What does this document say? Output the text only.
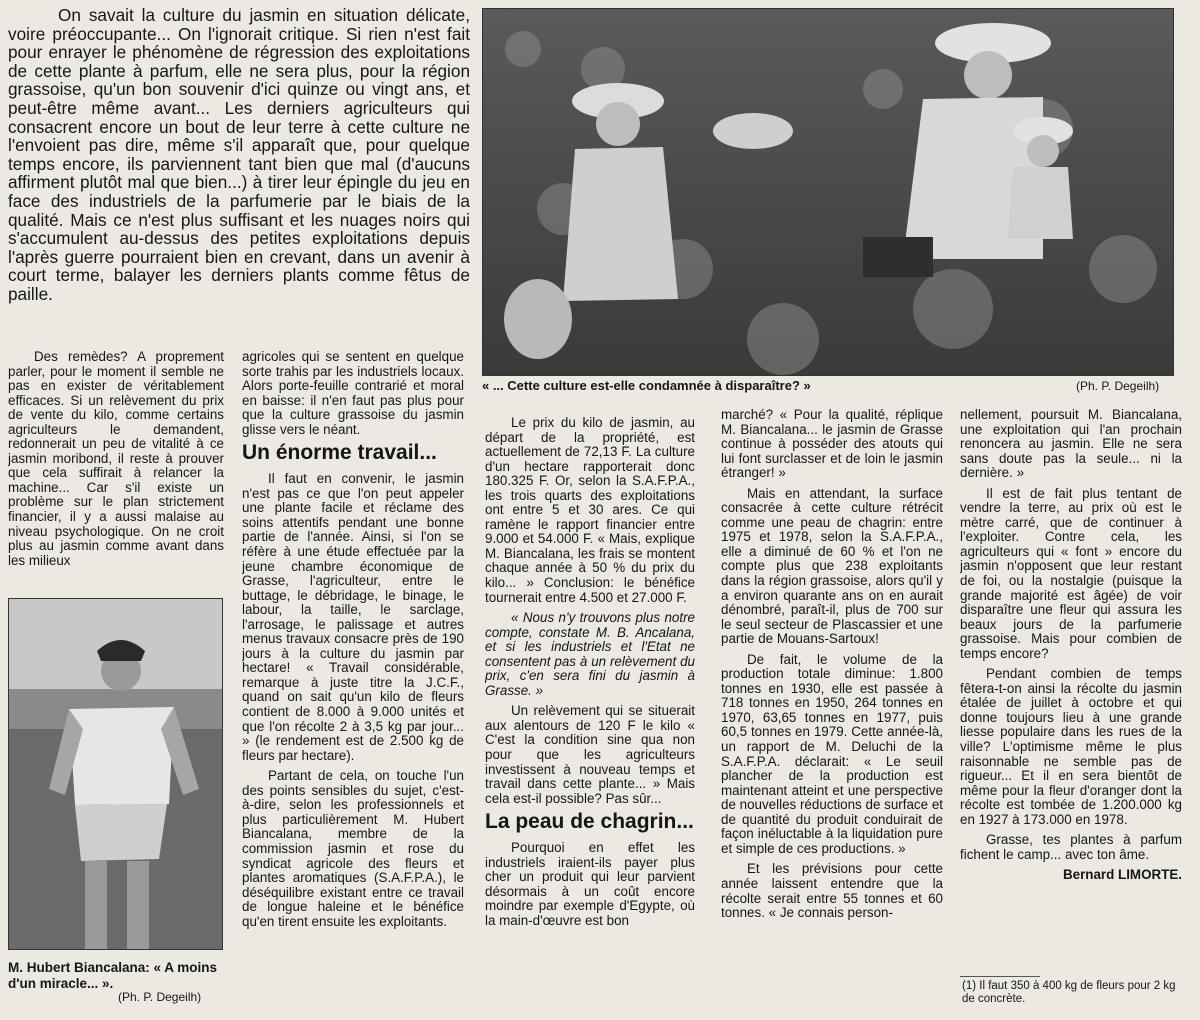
On savait la culture du jasmin en situation délicate, voire préoccupante... On l'ignorait critique. Si rien n'est fait pour enrayer le phénomène de régression des exploitations de cette plante à parfum, elle ne sera plus, pour la région grassoise, qu'un bon souvenir d'ici quinze ou vingt ans, et peut-être même avant... Les derniers agriculteurs qui consacrent encore un bout de leur terre à cette culture ne l'envoient pas dire, même s'il apparaît que, pour quelque temps encore, ils parviennent tant bien que mal (d'aucuns affirment plutôt mal que bien...) à tirer leur épingle du jeu en face des industriels de la parfumerie par le biais de la qualité. Mais ce n'est plus suffisant et les nuages noirs qui s'accumulent au-dessus des petites exploitations depuis l'après guerre pourraient bien en crevant, dans un avenir à court terme, balayer les derniers plants comme fêtus de paille.

« ... Cette culture est-elle condamnée à disparaître? »	(Ph. P. Degeilh)

Des remèdes? A proprement parler, pour le moment il semble ne pas en exister de véritablement efficaces. Si un relèvement du prix de vente du kilo, comme certains agriculteurs le demandent, redonnerait un peu de vitalité à ce jasmin moribond, il reste à prouver que cela suffirait à relancer la machine... Car s'il existe un problème sur le plan strictement financier, il y a aussi malaise au niveau psychologique. On ne croit plus au jasmin comme avant dans les milieux

M. Hubert Biancalana: « A moins d'un miracle... ».
(Ph. P. Degeilh)

agricoles qui se sentent en quelque sorte trahis par les industriels locaux. Alors porte-feuille contrarié et moral en baisse: il n'en faut pas plus pour que la culture grassoise du jasmin glisse vers le néant.

Un énorme travail...

Il faut en convenir, le jasmin n'est pas ce que l'on peut appeler une plante facile et réclame des soins attentifs pendant une bonne partie de l'année. Ainsi, si l'on se réfère à une étude effectuée par la jeune chambre économique de Grasse, l'agriculteur, entre le buttage, le débridage, le binage, le labour, la taille, le sarclage, l'arrosage, le palissage et autres menus travaux consacre près de 190 jours à la culture du jasmin par hectare! « Travail considérable, remarque à juste titre la J.C.F., quand on sait qu'un kilo de fleurs contient de 8.000 à 9.000 unités et que l'on récolte 2 à 3,5 kg par jour... » (le rendement est de 2.500 kg de fleurs par hectare).

Partant de cela, on touche l'un des points sensibles du sujet, c'est-à-dire, selon les professionnels et plus particulièrement M. Hubert Biancalana, membre de la commission jasmin et rose du syndicat agricole des fleurs et plantes aromatiques (S.A.F.P.A.), le déséquilibre existant entre ce travail de longue haleine et le bénéfice qu'en tirent ensuite les exploitants.

Le prix du kilo de jasmin, au départ de la propriété, est actuellement de 72,13 F. La culture d'un hectare rapporterait donc 180.325 F. Or, selon la S.A.F.P.A., les trois quarts des exploitations ont entre 5 et 30 ares. Ce qui ramène le rapport financier entre 9.000 et 54.000 F. « Mais, explique M. Biancalana, les frais se montent chaque année à 50 % du prix du kilo... » Conclusion: le bénéfice tournerait entre 4.500 et 27.000 F.

« Nous n'y trouvons plus notre compte, constate M. B. Ancalana, et si les industriels et l'Etat ne consentent pas à un relèvement du prix, c'en sera fini du jasmin à Grasse. »

Un relèvement qui se situerait aux alentours de 120 F le kilo « C'est la condition sine qua non pour que les agriculteurs investissent à nouveau temps et travail dans cette plante... » Mais cela est-il possible? Pas sûr...

La peau de chagrin...

Pourquoi en effet les industriels iraient-ils payer plus cher un produit qui leur parvient désormais à un coût encore moindre par exemple d'Egypte, où la main-d'œuvre est bon

marché? « Pour la qualité, réplique M. Biancalana... le jasmin de Grasse continue à posséder des atouts qui lui font surclasser et de loin le jasmin étranger! »

Mais en attendant, la surface consacrée à cette culture rétrécit comme une peau de chagrin: entre 1975 et 1978, selon la S.A.F.P.A., elle a diminué de 60 % et l'on ne compte plus que 238 exploitants dans la région grassoise, alors qu'il y a environ quarante ans on en aurait dénombré, paraît-il, plus de 700 sur le seul secteur de Plascassier et une partie de Mouans-Sartoux!

De fait, le volume de la production totale diminue: 1.800 tonnes en 1930, elle est passée à 718 tonnes en 1950, 264 tonnes en 1970, 63,65 tonnes en 1977, puis 60,5 tonnes en 1979. Cette année-là, un rapport de M. Deluchi de la S.A.F.P.A. déclarait: « Le seuil plancher de la production est maintenant atteint et une perspective de nouvelles réductions de surface et de quantité du produit conduirait de façon inéluctable à la liquidation pure et simple de ces productions. »

Et les prévisions pour cette année laissent entendre que la récolte serait entre 55 tonnes et 60 tonnes. « Je connais person-

nellement, poursuit M. Biancalana, une exploitation qui l'an prochain renoncera au jasmin. Elle ne sera sans doute pas la seule... ni la dernière. »

Il est de fait plus tentant de vendre la terre, au prix où est le mètre carré, que de continuer à l'exploiter. Contre cela, les agriculteurs qui « font » encore du jasmin n'opposent que leur restant de foi, ou la nostalgie (puisque la grande majorité est âgée) de voir disparaître une fleur qui assura les beaux jours de la parfumerie grassoise. Mais pour combien de temps encore?

Pendant combien de temps fêtera-t-on ainsi la récolte du jasmin étalée de juillet à octobre et qui donne toujours lieu à une grande liesse populaire dans les rues de la ville? L'optimisme même le plus raisonnable ne semble pas de rigueur... Et il en sera bientôt de même pour la fleur d'oranger dont la récolte est tombée de 1.200.000 kg en 1927 à 173.000 en 1978.

Grasse, tes plantes à parfum fichent le camp... avec ton âme.

Bernard LIMORTE.
(1) Il faut 350 à 400 kg de fleurs pour 2 kg de concrète.
